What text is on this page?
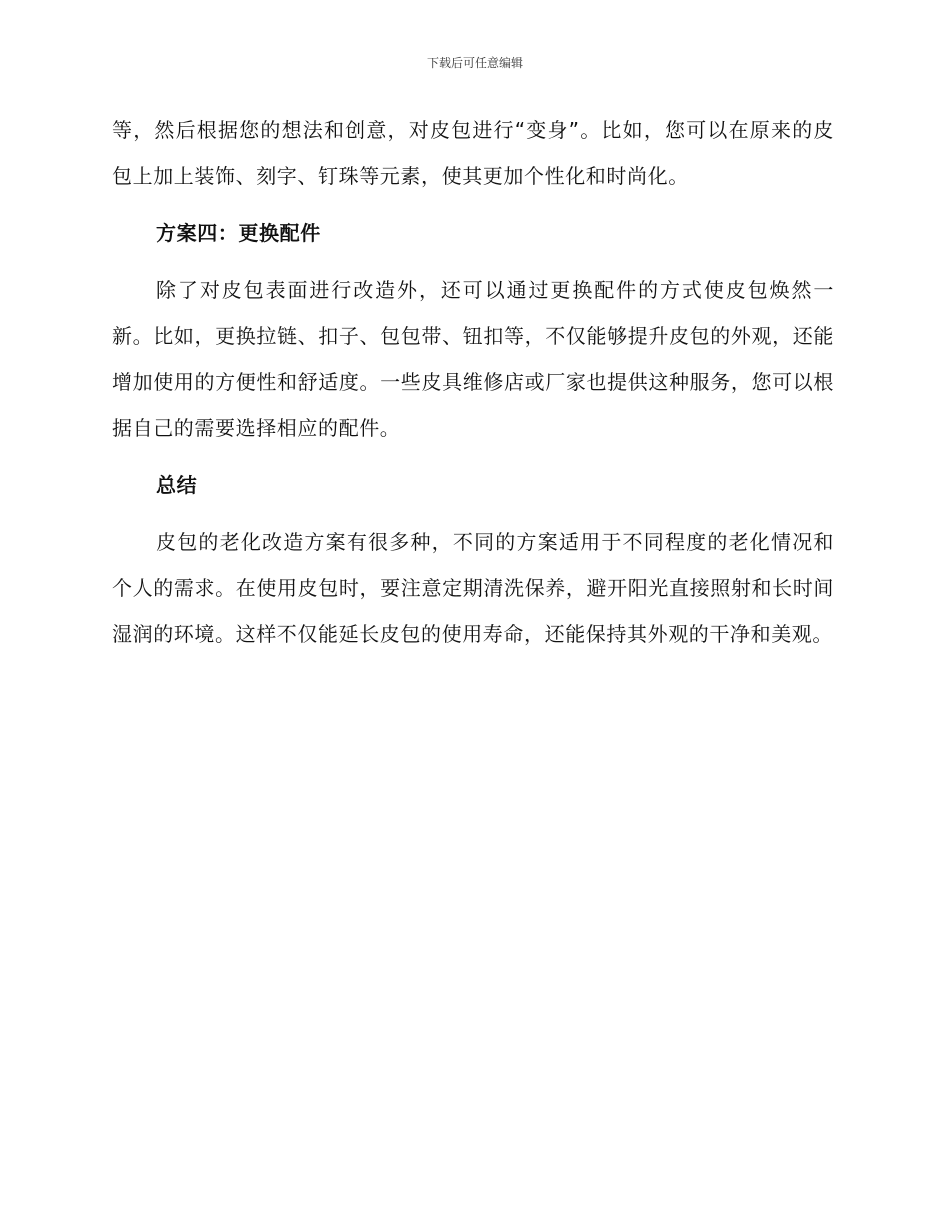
下载后可任意编辑

等，然后根据您的想法和创意，对皮包进行“变身”。比如，您可以在原来的皮包上加上装饰、刻字、钉珠等元素，使其更加个性化和时尚化。

方案四：更换配件

除了对皮包表面进行改造外，还可以通过更换配件的方式使皮包焕然一新。比如，更换拉链、扣子、包包带、钮扣等，不仅能够提升皮包的外观，还能增加使用的方便性和舒适度。一些皮具维修店或厂家也提供这种服务，您可以根据自己的需要选择相应的配件。

总结

皮包的老化改造方案有很多种，不同的方案适用于不同程度的老化情况和个人的需求。在使用皮包时，要注意定期清洗保养，避开阳光直接照射和长时间湿润的环境。这样不仅能延长皮包的使用寿命，还能保持其外观的干净和美观。
